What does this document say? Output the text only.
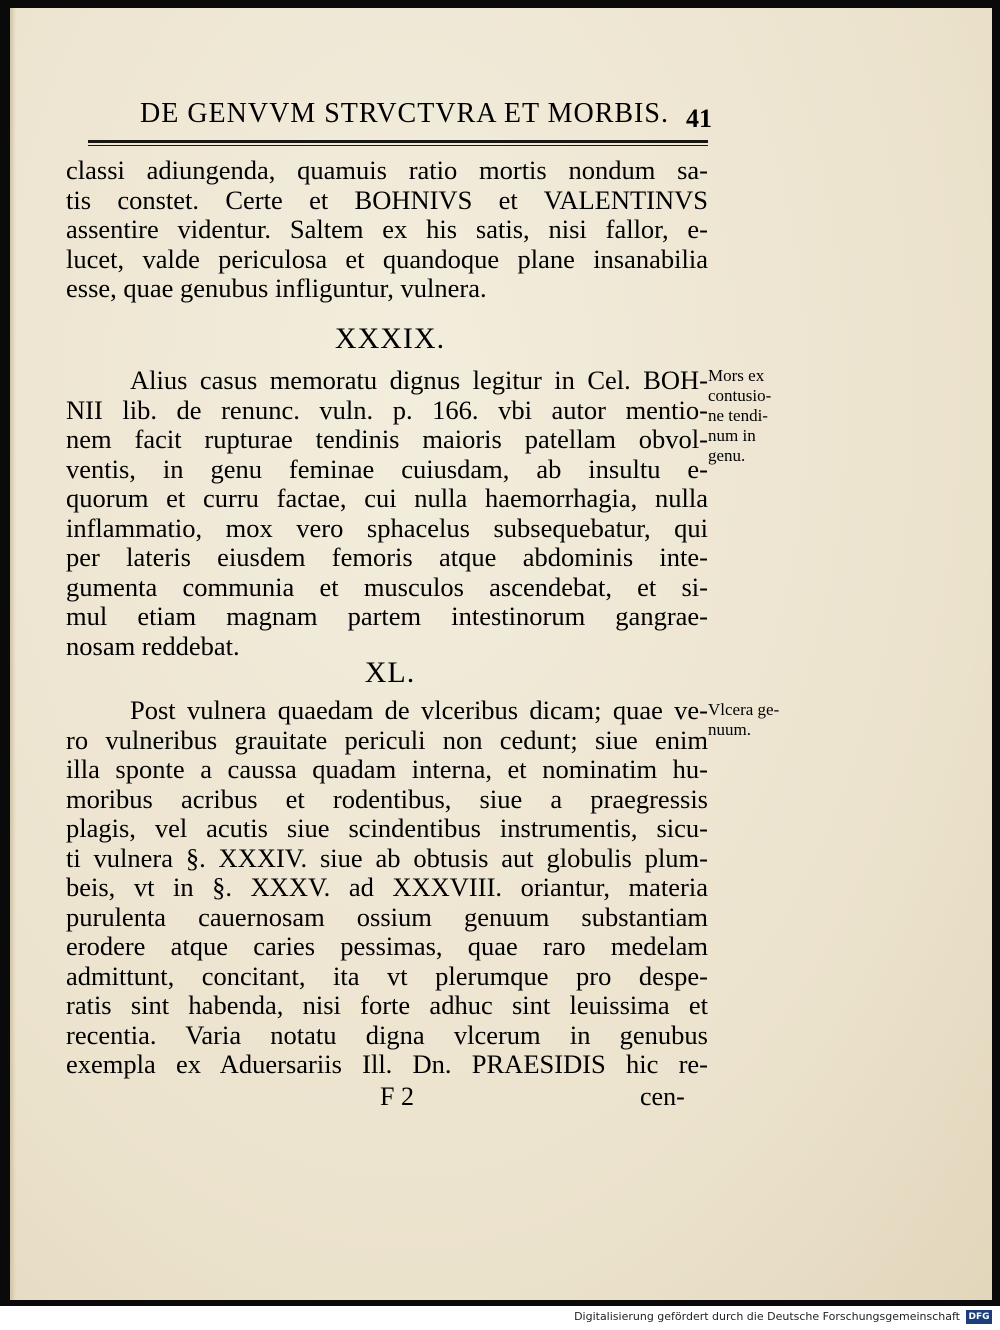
DE GENVVM STRVCTVRA ET MORBIS. 41
classi adiungenda, quamuis ratio mortis nondum sa-
tis constet. Certe et BOHNIVS et VALENTINVS
assentire videntur. Saltem ex his satis, nisi fallor, e-
lucet, valde periculosa et quandoque plane insanabilia
esse, quae genubus infliguntur, vulnera.
XXXIX.
Alius casus memoratu dignus legitur in Cel. BOH-
NII lib. de renunc. vuln. p. 166. vbi autor mentio-
nem facit rupturae tendinis maioris patellam obvol-
ventis, in genu feminae cuiusdam, ab insultu e-
quorum et curru factae, cui nulla haemorrhagia, nulla
inflammatio, mox vero sphacelus subsequebatur, qui
per lateris eiusdem femoris atque abdominis inte-
gumenta communia et musculos ascendebat, et si-
mul etiam magnam partem intestinorum gangrae-
nosam reddebat.
Mors ex
contusio-
ne tendi-
num in
genu.
XL.
Post vulnera quaedam de vlceribus dicam; quae ve-
ro vulneribus grauitate periculi non cedunt; siue enim
illa sponte a caussa quadam interna, et nominatim hu-
moribus acribus et rodentibus, siue a praegressis
plagis, vel acutis siue scindentibus instrumentis, sicu-
ti vulnera §. XXXIV. siue ab obtusis aut globulis plum-
beis, vt in §. XXXV. ad XXXVIII. oriantur, materia
purulenta cauernosam ossium genuum substantiam
erodere atque caries pessimas, quae raro medelam
admittunt, concitant, ita vt plerumque pro despe-
ratis sint habenda, nisi forte adhuc sint leuissima et
recentia. Varia notatu digna vlcerum in genubus
exempla ex Aduersariis Ill. Dn. PRAESIDIS hic re-
Vlcera ge-
nuum.
F 2	cen-
Digitalisierung gefördert durch die Deutsche Forschungsgemeinschaft DFG
